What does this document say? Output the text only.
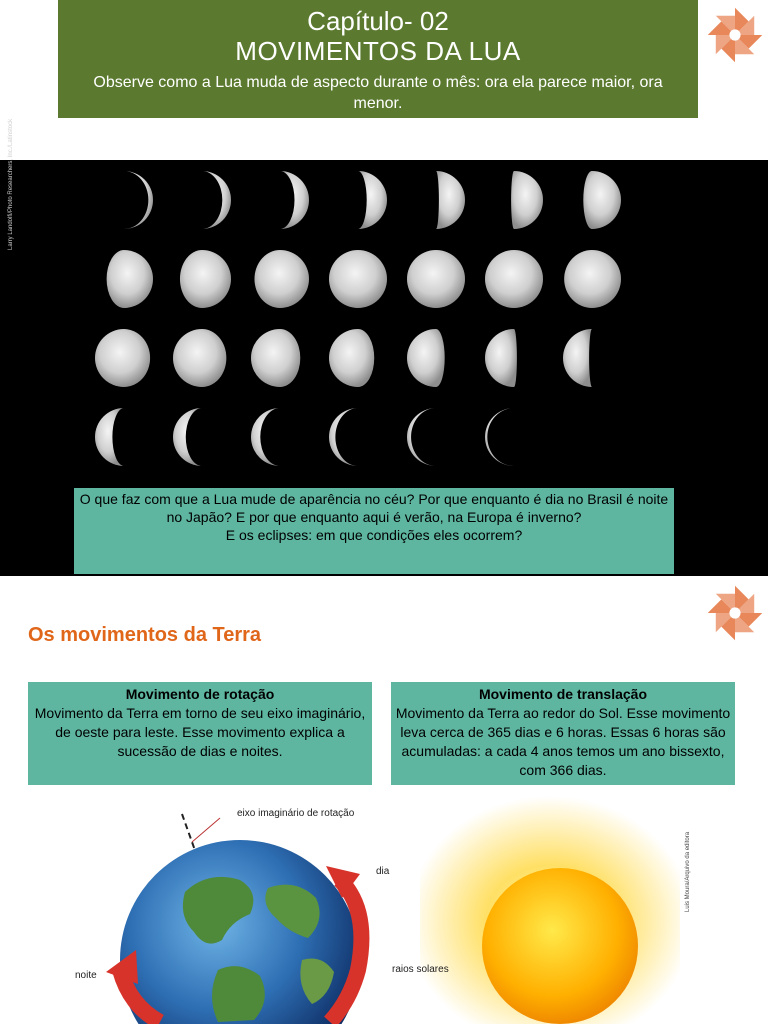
Capítulo- 02
MOVIMENTOS DA LUA
Observe como a Lua muda de aspecto durante o mês: ora ela parece maior, ora menor.
Larry Landolfi/Photo Researchers, Inc./Latinstock

O que faz com que a Lua mude de aparência no céu? Por que enquanto é dia no Brasil é noite no Japão? E por que enquanto aqui é verão, na Europa é inverno?

E os eclipses: em que condições eles ocorrem?

Os movimentos da Terra
Movimento de rotação
Movimento da Terra em torno de seu eixo imaginário, de oeste para leste. Esse movimento explica a sucessão de dias e noites.
Movimento de translação
Movimento da Terra ao redor do Sol. Esse movimento leva cerca de 365 dias e 6 horas. Essas 6 horas são acumuladas: a cada 4 anos temos um ano bissexto, com 366 dias.
eixo imaginário de rotação
dia
noite
raios solares
Luis Moura/Arquivo da editora
